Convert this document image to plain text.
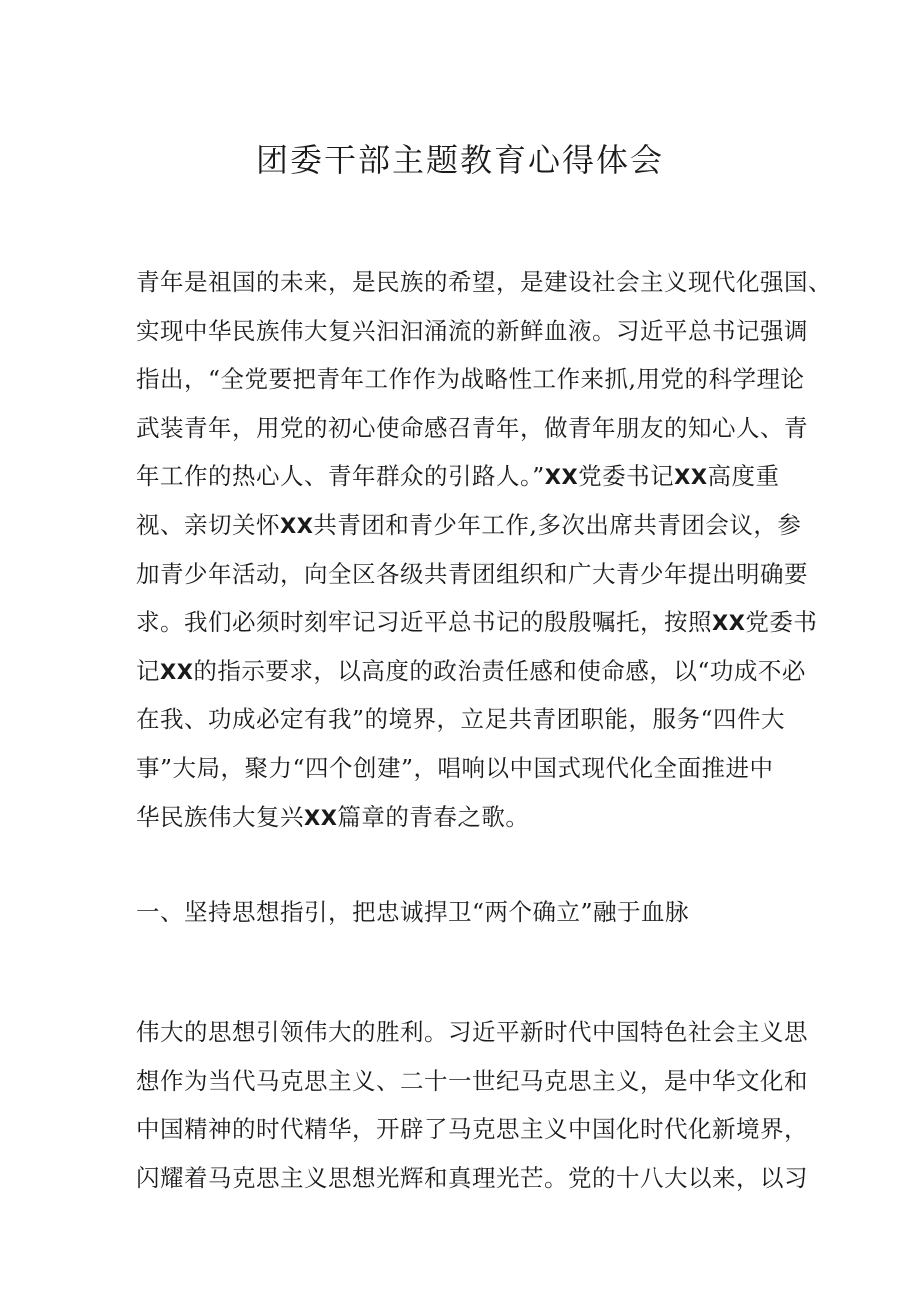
团委干部主题教育心得体会
青年是祖国的未来，是民族的希望，是建设社会主义现代化强国、
实现中华民族伟大复兴汩汩涌流的新鲜血液。习近平总书记强调
指出，“全党要把青年工作作为战略性工作来抓,用党的科学理论
武装青年，用党的初心使命感召青年，做青年朋友的知心人、青
年工作的热心人、青年群众的引路人。”XX党委书记XX高度重
视、亲切关怀XX共青团和青少年工作,多次出席共青团会议，参
加青少年活动，向全区各级共青团组织和广大青少年提出明确要
求。我们必须时刻牢记习近平总书记的殷殷嘱托，按照XX党委书
记XX的指示要求，以高度的政治责任感和使命感，以“功成不必
在我、功成必定有我”的境界，立足共青团职能，服务“四件大
事”大局，聚力“四个创建”，唱响以中国式现代化全面推进中
华民族伟大复兴XX篇章的青春之歌。
一、坚持思想指引，把忠诚捍卫“两个确立”融于血脉
伟大的思想引领伟大的胜利。习近平新时代中国特色社会主义思
想作为当代马克思主义、二十一世纪马克思主义，是中华文化和
中国精神的时代精华，开辟了马克思主义中国化时代化新境界，
闪耀着马克思主义思想光辉和真理光芒。党的十八大以来，以习
